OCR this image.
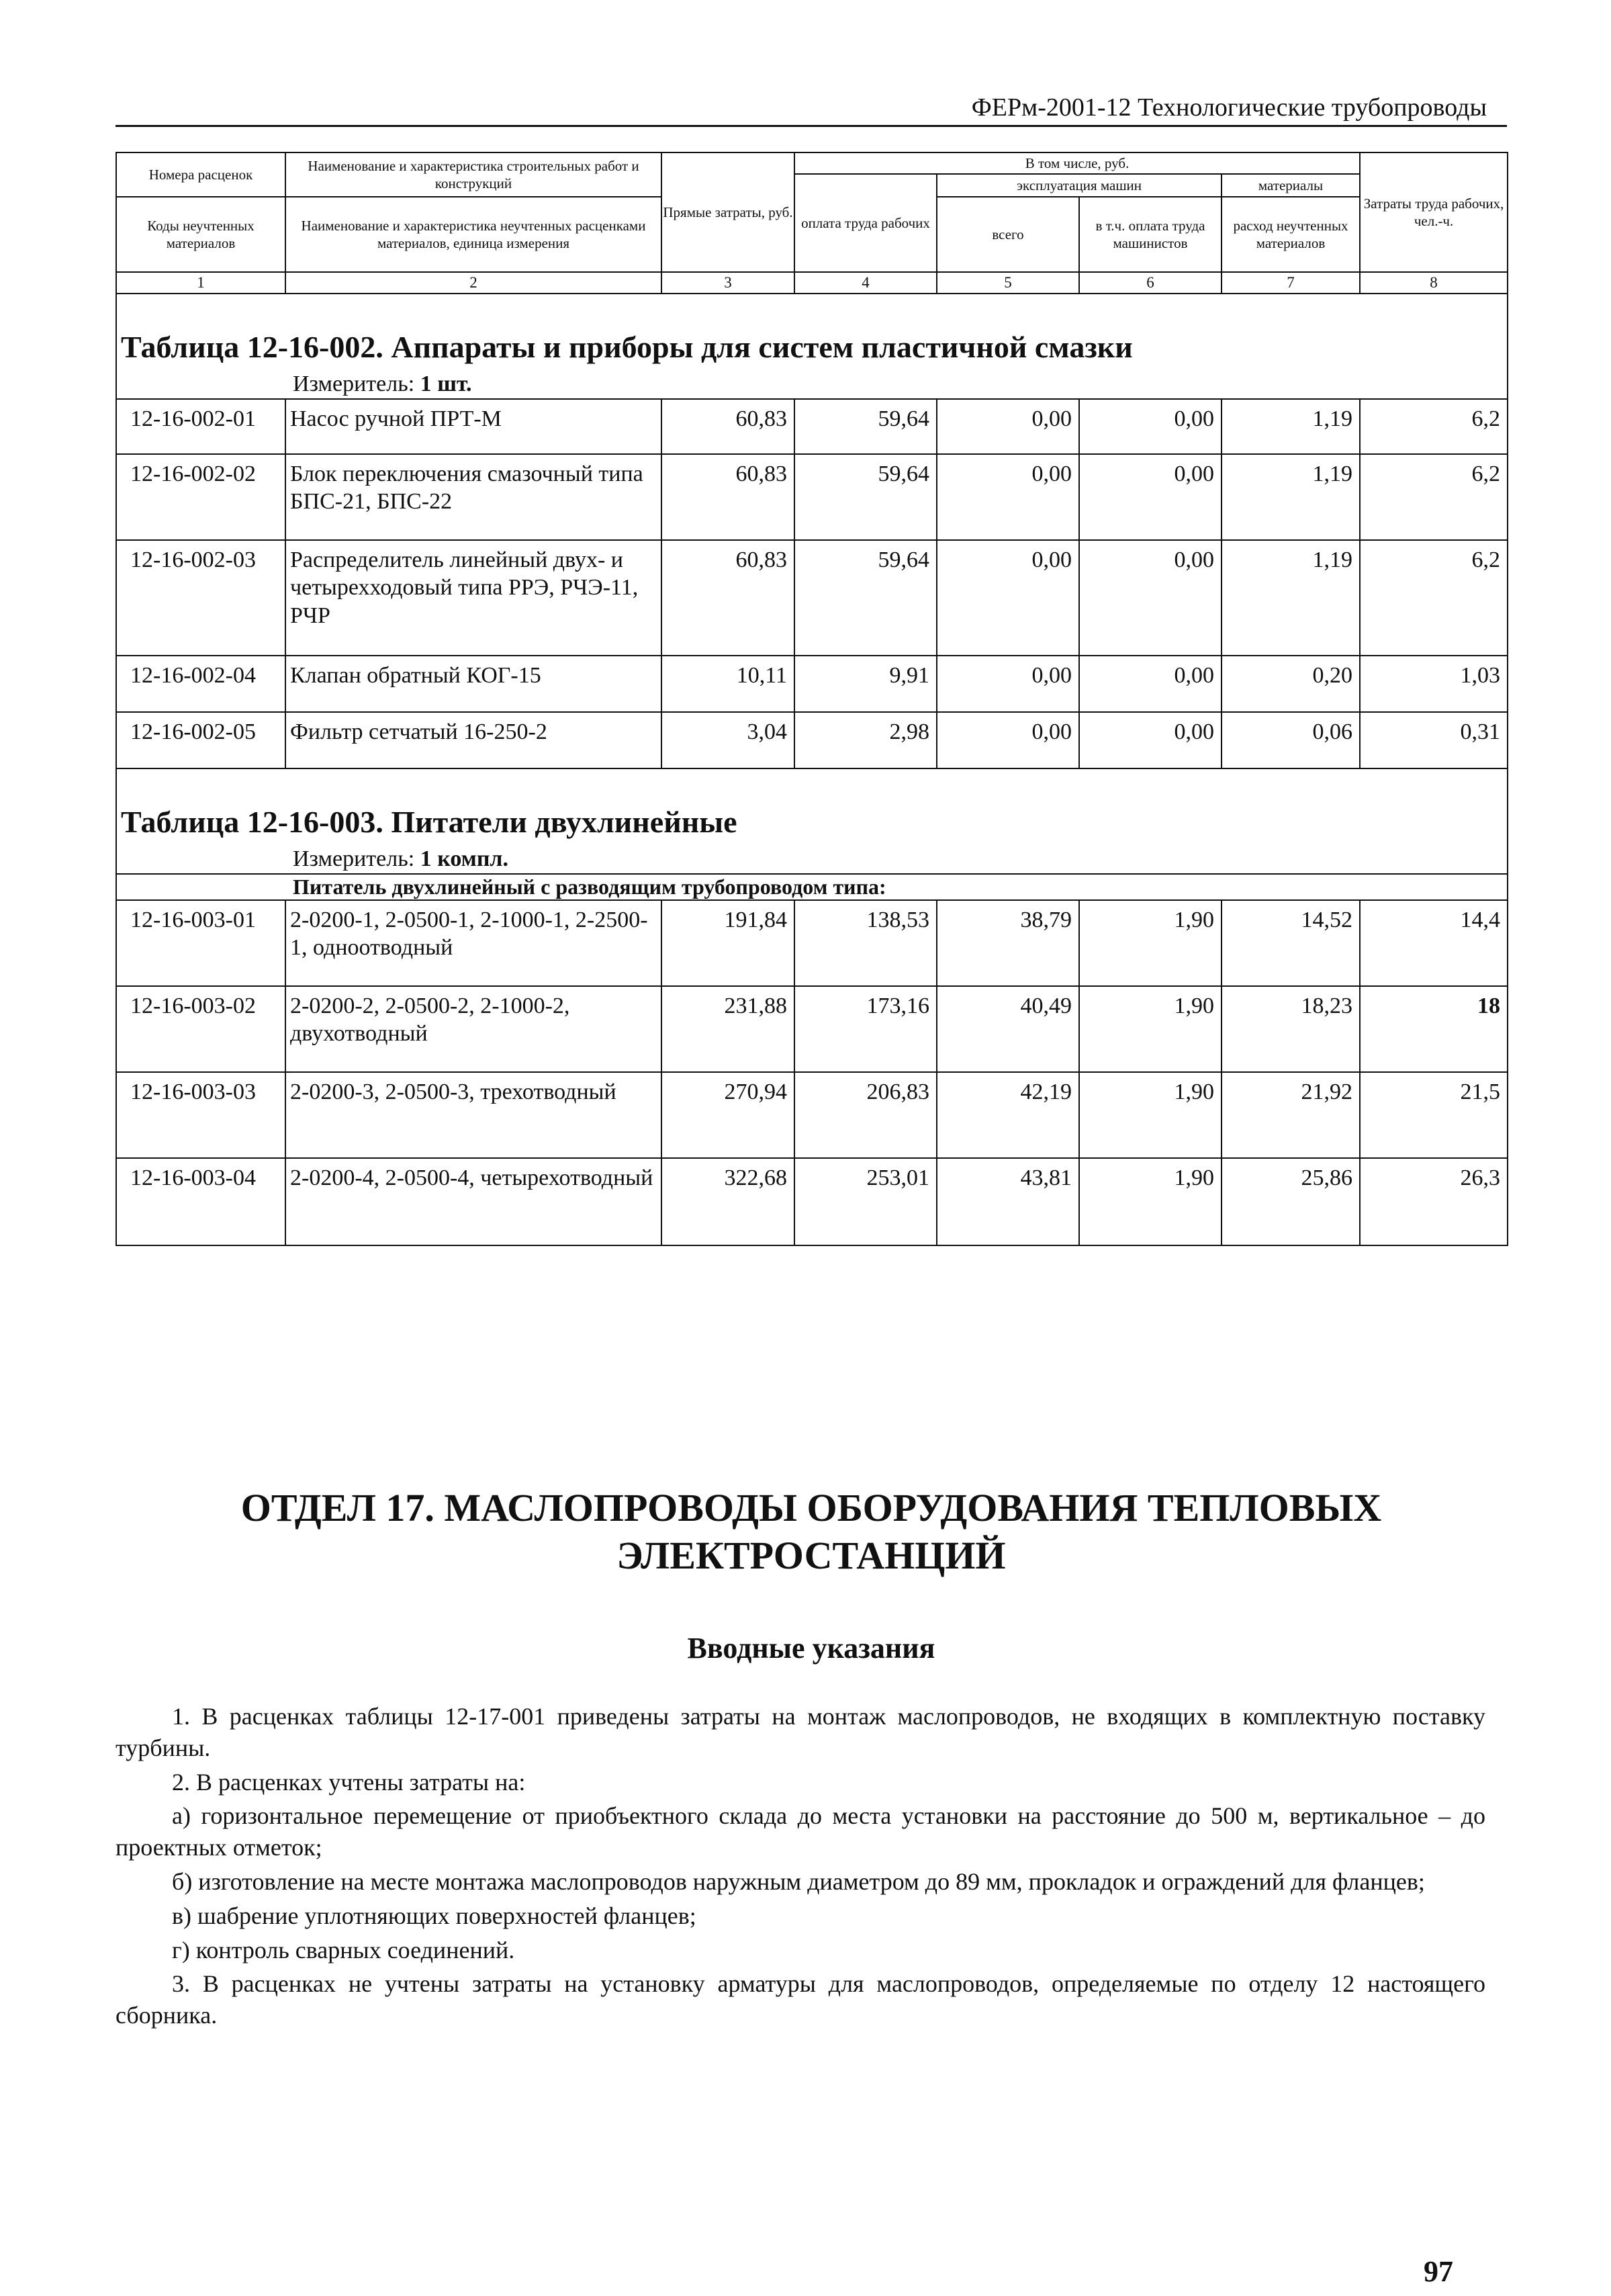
ФЕРм-2001-12 Технологические трубопроводы
Номера расценок	Наименование и характеристика строительных работ и конструкций	Прямые затраты, руб.	В том числе, руб.				Затраты труда рабочих, чел.-ч.
			оплата труда рабочих	эксплуатация машин		материалы	
Коды неучтенных материалов	Наименование и характеристика неучтенных расценками материалов, единица измерения			всего	в т.ч. оплата труда машинистов	расход неучтенных материалов	

1	2	3	4	5	6	7	8
Таблица 12-16-002. Аппараты и приборы для систем пластичной смазки							
Измеритель: 1 шт.							
12-16-002-01	Насос ручной ПРТ-М	60,83	59,64	0,00	0,00	1,19	6,2
12-16-002-02	Блок переключения смазочный типа БПС-21, БПС-22	60,83	59,64	0,00	0,00	1,19	6,2
12-16-002-03	Распределитель линейный двух- и четырехходовый типа РРЭ, РЧЭ-11, РЧР	60,83	59,64	0,00	0,00	1,19	6,2
12-16-002-04	Клапан обратный КОГ-15	10,11	9,91	0,00	0,00	0,20	1,03
12-16-002-05	Фильтр сетчатый 16-250-2	3,04	2,98	0,00	0,00	0,06	0,31
Таблица 12-16-003. Питатели двухлинейные							
Измеритель: 1 компл.							
Питатель двухлинейный с разводящим трубопроводом типа:							
12-16-003-01	2-0200-1, 2-0500-1, 2-1000-1, 2-2500-1, одноотводный	191,84	138,53	38,79	1,90	14,52	14,4
12-16-003-02	2-0200-2, 2-0500-2, 2-1000-2, двухотводный	231,88	173,16	40,49	1,90	18,23	18
12-16-003-03	2-0200-3, 2-0500-3, трехотводный	270,94	206,83	42,19	1,90	21,92	21,5
12-16-003-04	2-0200-4, 2-0500-4, четырехотводный	322,68	253,01	43,81	1,90	25,86	26,3
ОТДЕЛ 17. МАСЛОПРОВОДЫ ОБОРУДОВАНИЯ ТЕПЛОВЫХ
ЭЛЕКТРОСТАНЦИЙ
Вводные указания

1. В расценках таблицы 12-17-001 приведены затраты на монтаж маслопроводов, не входящих в комплектную поставку турбины.

2. В расценках учтены затраты на:

а) горизонтальное перемещение от приобъектного склада до места установки на расстояние до 500 м, вертикальное – до проектных отметок;

б) изготовление на месте монтажа маслопроводов наружным диаметром до 89 мм, прокладок и ограждений для фланцев;

в) шабрение уплотняющих поверхностей фланцев;

г) контроль сварных соединений.

3. В расценках не учтены затраты на установку арматуры для маслопроводов, определяемые по отделу 12 настоящего сборника.

97
